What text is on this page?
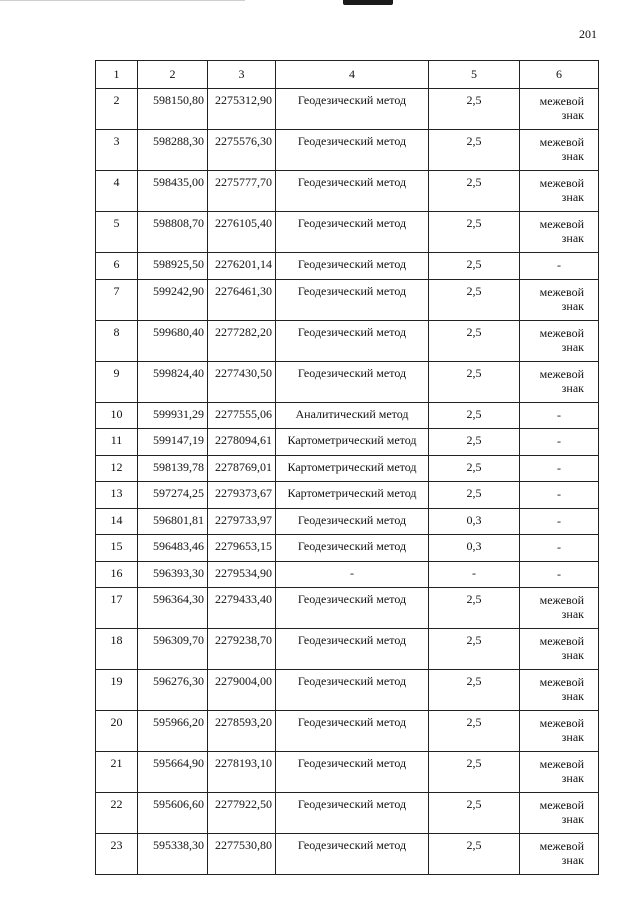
201
1	2	3	4	5	6
2	598150,80	2275312,90	Геодезический метод	2,5	межевой знак
3	598288,30	2275576,30	Геодезический метод	2,5	межевой знак
4	598435,00	2275777,70	Геодезический метод	2,5	межевой знак
5	598808,70	2276105,40	Геодезический метод	2,5	межевой знак
6	598925,50	2276201,14	Геодезический метод	2,5	-
7	599242,90	2276461,30	Геодезический метод	2,5	межевой знак
8	599680,40	2277282,20	Геодезический метод	2,5	межевой знак
9	599824,40	2277430,50	Геодезический метод	2,5	межевой знак
10	599931,29	2277555,06	Аналитический метод	2,5	-
11	599147,19	2278094,61	Картометрический метод	2,5	-
12	598139,78	2278769,01	Картометрический метод	2,5	-
13	597274,25	2279373,67	Картометрический метод	2,5	-
14	596801,81	2279733,97	Геодезический метод	0,3	-
15	596483,46	2279653,15	Геодезический метод	0,3	-
16	596393,30	2279534,90	-	-	-
17	596364,30	2279433,40	Геодезический метод	2,5	межевой знак
18	596309,70	2279238,70	Геодезический метод	2,5	межевой знак
19	596276,30	2279004,00	Геодезический метод	2,5	межевой знак
20	595966,20	2278593,20	Геодезический метод	2,5	межевой знак
21	595664,90	2278193,10	Геодезический метод	2,5	межевой знак
22	595606,60	2277922,50	Геодезический метод	2,5	межевой знак
23	595338,30	2277530,80	Геодезический метод	2,5	межевой знак
